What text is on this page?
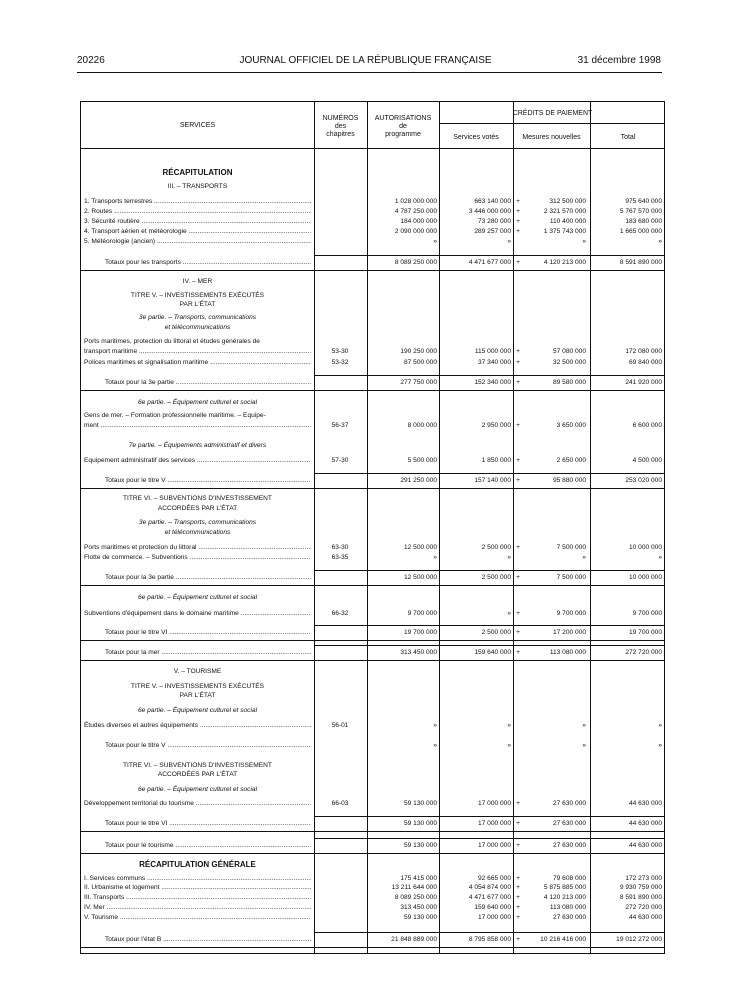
20226	JOURNAL OFFICIEL DE LA RÉPUBLIQUE FRANÇAISE	31 décembre 1998
SERVICES
NUMÉROS
des
chapitres
AUTORISATIONS
de
programme
CRÉDITS DE PAIEMENT
Services votés	Mesures nouvelles	Total
RÉCAPITULATION
III. – TRANSPORTS
1. Transports terrestres .....	1 028 000 000	663 140 000 +	312 500 000	975 640 000
2. Routes .....	4 787 250 000	3 446 000 000 +	2 321 570 000	5 767 570 000
3. Sécurité routière .....	184 000 000	73 280 000 +	110 400 000	183 680 000
4. Transport aérien et météorologie .....	2 090 000 000	289 257 000 +	1 375 743 000	1 665 000 000
5. Météorologie (ancien) .....	»	»	»	»
Totaux pour les transports .....	8 089 250 000	4 471 677 000 +	4 120 213 000	8 591 890 000
IV. – MER
TITRE V. – INVESTISSEMENTS EXÉCUTÉS
PAR L'ÉTAT
3e partie. – Transports, communications
et télécommunications
Ports maritimes, protection du littoral et études générales de
transport maritime .....	53-30	190 250 000	115 000 000 +	57 080 000	172 080 000
Polices maritimes et signalisation maritime .....	53-32	87 500 000	37 340 000 +	32 500 000	69 840 000
Totaux pour la 3e partie .....	277 750 000	152 340 000 +	89 580 000	241 920 000
6e partie. – Équipement culturel et social
Gens de mer. – Formation professionnelle maritime. – Equipe-
ment .....	56-37	8 000 000	2 950 000 +	3 650 000	6 600 000
7e partie. – Équipements administratif et divers
Equipement administratif des services .....	57-30	5 500 000	1 850 000 +	2 650 000	4 500 000
Totaux pour le titre V .....	291 250 000	157 140 000 +	95 880 000	253 020 000
TITRE VI. – SUBVENTIONS D'INVESTISSEMENT
ACCORDÉES PAR L'ÉTAT
3e partie. – Transports, communications
et télécommunications
Ports maritimes et protection du littoral .....	63-30	12 500 000	2 500 000 +	7 500 000	10 000 000
Flotte de commerce. – Subventions .....	63-35	»	»	»	»
Totaux pour la 3e partie .....	12 500 000	2 500 000 +	7 500 000	10 000 000
6e partie. – Équipement culturel et social
Subventions d'équipement dans le domaine maritime .....	66-32	9 700 000	» +	9 700 000	9 700 000
Totaux pour le titre VI .....	19 700 000	2 500 000 +	17 200 000	19 700 000
Totaux pour la mer .....	313 450 000	159 640 000 +	113 080 000	272 720 000
V. – TOURISME
TITRE V. – INVESTISSEMENTS EXÉCUTÉS
PAR L'ÉTAT
6e partie. – Équipement culturel et social
Études diverses et autres équipements .....	56-01	»	»	»	»
Totaux pour le titre V .....	»	»	»	»
TITRE VI. – SUBVENTIONS D'INVESTISSEMENT
ACCORDÉES PAR L'ÉTAT
6e partie. – Équipement culturel et social
Développement territorial du tourisme .....	66-03	59 130 000	17 000 000 +	27 630 000	44 630 000
Totaux pour le titre VI .....	59 130 000	17 000 000 +	27 630 000	44 630 000
Totaux pour le tourisme .....	59 130 000	17 000 000 +	27 630 000	44 630 000
RÉCAPITULATION GÉNÉRALE
I. Services communs .....	175 415 000	92 665 000 +	79 608 000	172 273 000
II. Urbanisme et logement .....	13 211 644 000	4 054 874 000 +	5 875 885 000	9 930 759 000
III. Transports .....	8 089 250 000	4 471 677 000 +	4 120 213 000	8 591 890 000
IV. Mer .....	313 450 000	159 640 000 +	113 080 000	272 720 000
V. Tourisme .....	59 130 000	17 000 000 +	27 630 000	44 630 000
Totaux pour l'état B .....	21 848 889 000	8 795 858 000 +	10 216 416 000	19 012 272 000
